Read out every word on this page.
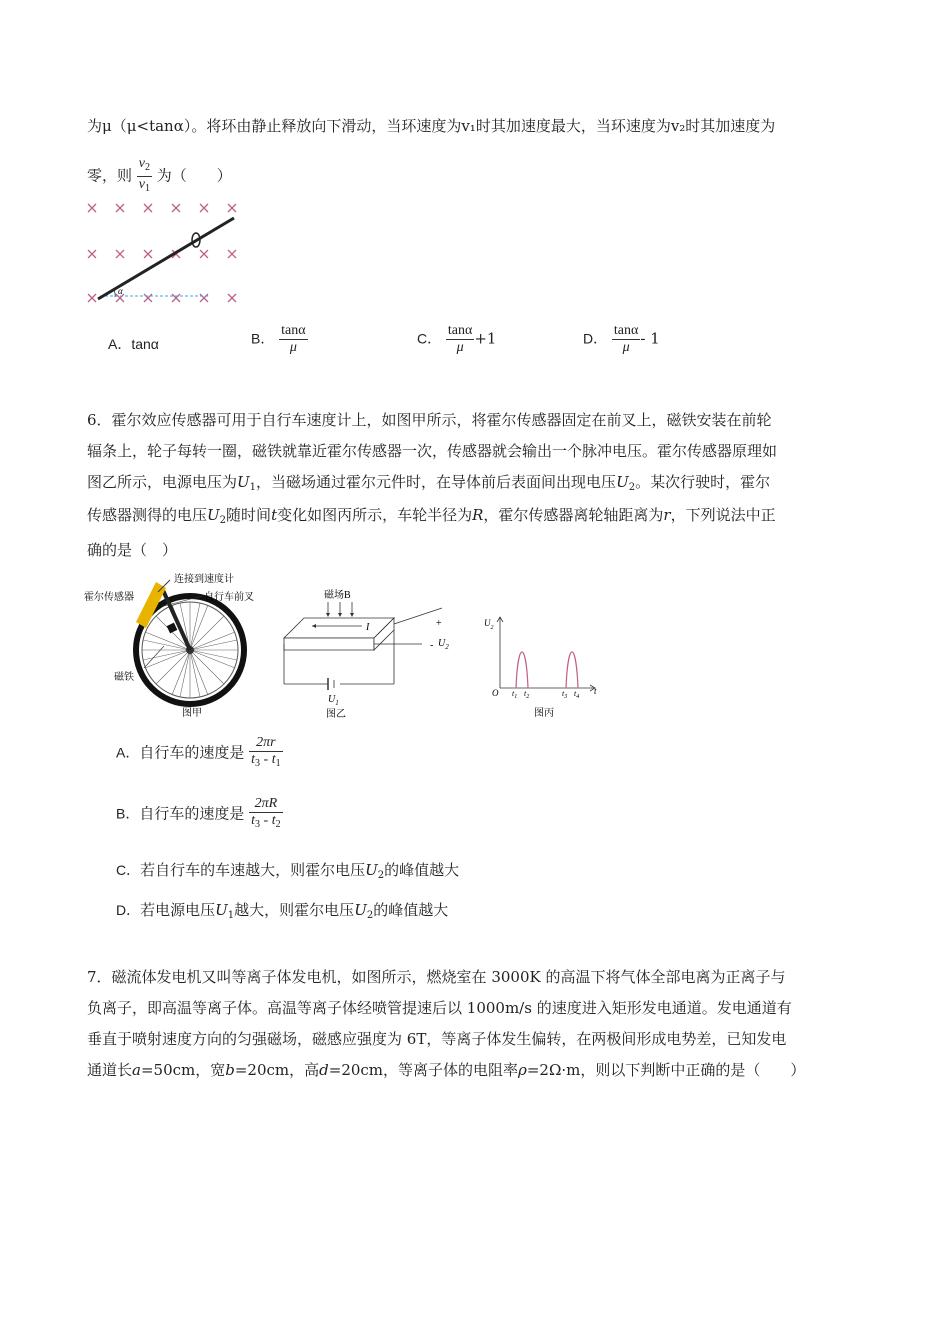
为μ（μ<tanα）。将环由静止释放向下滑动，当环速度为v₁时其加速度最大，当环速度为v₂时其加速度为
零，则 $\frac{v_2}{v_1}$ 为（　　）
α
A．tanα	B． $\frac{\tan\alpha}{\mu}$	C． $\frac{\tan\alpha}{\mu} +1$	D． $\frac{\tan\alpha}{\mu} - 1$
6．霍尔效应传感器可用于自行车速度计上，如图甲所示，将霍尔传感器固定在前叉上，磁铁安装在前轮
辐条上，轮子每转一圈，磁铁就靠近霍尔传感器一次，传感器就会输出一个脉冲电压。霍尔传感器原理如
图乙所示，电源电压为$U_1$，当磁场通过霍尔元件时，在导体前后表面间出现电压$U_2$。某次行驶时，霍尔
传感器测得的电压$U_2$随时间t变化如图丙所示，车轮半径为R，霍尔传感器离轮轴距离为r，下列说法中正
确的是（　）
霍尔传感器
连接到速度计
自行车前叉
磁铁
图甲
磁场B
I	+
- $U_2$
$U_1$
图乙
$U_2$
O $t_1$ $t_2$	$t_3$ $t_4$
t
图丙
A．自行车的速度是 $\frac{2\pi r}{t_3 - t_1}$
B．自行车的速度是 $\frac{2\pi R}{t_3 - t_2}$
C．若自行车的车速越大，则霍尔电压$U_2$的峰值越大
D．若电源电压$U_1$越大，则霍尔电压$U_2$的峰值越大
7．磁流体发电机又叫等离子体发电机，如图所示，燃烧室在 3000K 的高温下将气体全部电离为正离子与
负离子，即高温等离子体。高温等离子体经喷管提速后以 1000m/s 的速度进入矩形发电通道。发电通道有
垂直于喷射速度方向的匀强磁场，磁感应强度为 6T，等离子体发生偏转，在两极间形成电势差，已知发电
通道长a=50cm，宽b=20cm，高d=20cm，等离子体的电阻率ρ=2Ω·m，则以下判断中正确的是（　　）
